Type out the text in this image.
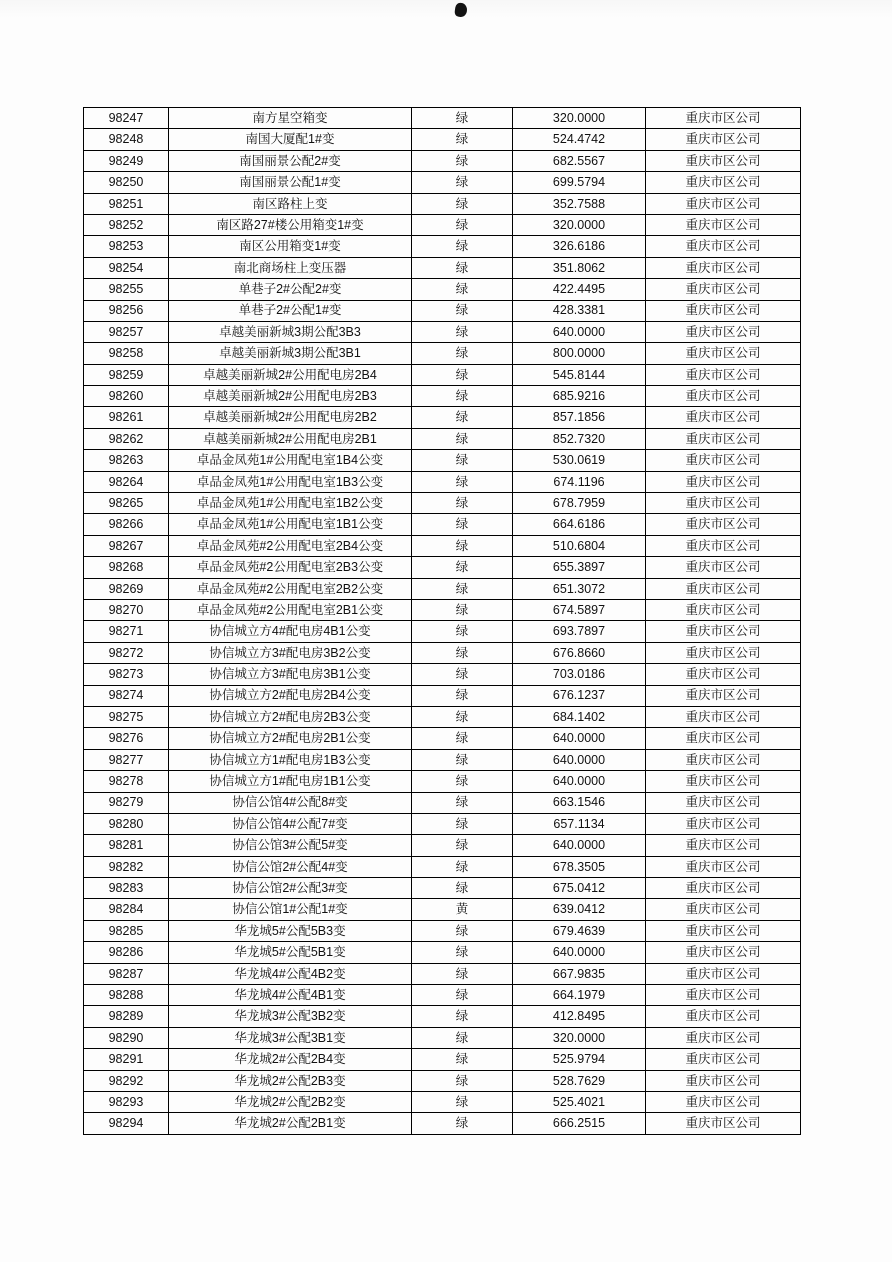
98247	南方星空箱变	绿	320.0000	重庆市区公司
98248	南国大厦配1#变	绿	524.4742	重庆市区公司
98249	南国丽景公配2#变	绿	682.5567	重庆市区公司
98250	南国丽景公配1#变	绿	699.5794	重庆市区公司
98251	南区路柱上变	绿	352.7588	重庆市区公司
98252	南区路27#楼公用箱变1#变	绿	320.0000	重庆市区公司
98253	南区公用箱变1#变	绿	326.6186	重庆市区公司
98254	南北商场柱上变压器	绿	351.8062	重庆市区公司
98255	单巷子2#公配2#变	绿	422.4495	重庆市区公司
98256	单巷子2#公配1#变	绿	428.3381	重庆市区公司
98257	卓越美丽新城3期公配3B3	绿	640.0000	重庆市区公司
98258	卓越美丽新城3期公配3B1	绿	800.0000	重庆市区公司
98259	卓越美丽新城2#公用配电房2B4	绿	545.8144	重庆市区公司
98260	卓越美丽新城2#公用配电房2B3	绿	685.9216	重庆市区公司
98261	卓越美丽新城2#公用配电房2B2	绿	857.1856	重庆市区公司
98262	卓越美丽新城2#公用配电房2B1	绿	852.7320	重庆市区公司
98263	卓品金凤苑1#公用配电室1B4公变	绿	530.0619	重庆市区公司
98264	卓品金凤苑1#公用配电室1B3公变	绿	674.1196	重庆市区公司
98265	卓品金凤苑1#公用配电室1B2公变	绿	678.7959	重庆市区公司
98266	卓品金凤苑1#公用配电室1B1公变	绿	664.6186	重庆市区公司
98267	卓品金凤苑#2公用配电室2B4公变	绿	510.6804	重庆市区公司
98268	卓品金凤苑#2公用配电室2B3公变	绿	655.3897	重庆市区公司
98269	卓品金凤苑#2公用配电室2B2公变	绿	651.3072	重庆市区公司
98270	卓品金凤苑#2公用配电室2B1公变	绿	674.5897	重庆市区公司
98271	协信城立方4#配电房4B1公变	绿	693.7897	重庆市区公司
98272	协信城立方3#配电房3B2公变	绿	676.8660	重庆市区公司
98273	协信城立方3#配电房3B1公变	绿	703.0186	重庆市区公司
98274	协信城立方2#配电房2B4公变	绿	676.1237	重庆市区公司
98275	协信城立方2#配电房2B3公变	绿	684.1402	重庆市区公司
98276	协信城立方2#配电房2B1公变	绿	640.0000	重庆市区公司
98277	协信城立方1#配电房1B3公变	绿	640.0000	重庆市区公司
98278	协信城立方1#配电房1B1公变	绿	640.0000	重庆市区公司
98279	协信公馆4#公配8#变	绿	663.1546	重庆市区公司
98280	协信公馆4#公配7#变	绿	657.1134	重庆市区公司
98281	协信公馆3#公配5#变	绿	640.0000	重庆市区公司
98282	协信公馆2#公配4#变	绿	678.3505	重庆市区公司
98283	协信公馆2#公配3#变	绿	675.0412	重庆市区公司
98284	协信公馆1#公配1#变	黄	639.0412	重庆市区公司
98285	华龙城5#公配5B3变	绿	679.4639	重庆市区公司
98286	华龙城5#公配5B1变	绿	640.0000	重庆市区公司
98287	华龙城4#公配4B2变	绿	667.9835	重庆市区公司
98288	华龙城4#公配4B1变	绿	664.1979	重庆市区公司
98289	华龙城3#公配3B2变	绿	412.8495	重庆市区公司
98290	华龙城3#公配3B1变	绿	320.0000	重庆市区公司
98291	华龙城2#公配2B4变	绿	525.9794	重庆市区公司
98292	华龙城2#公配2B3变	绿	528.7629	重庆市区公司
98293	华龙城2#公配2B2变	绿	525.4021	重庆市区公司
98294	华龙城2#公配2B1变	绿	666.2515	重庆市区公司
